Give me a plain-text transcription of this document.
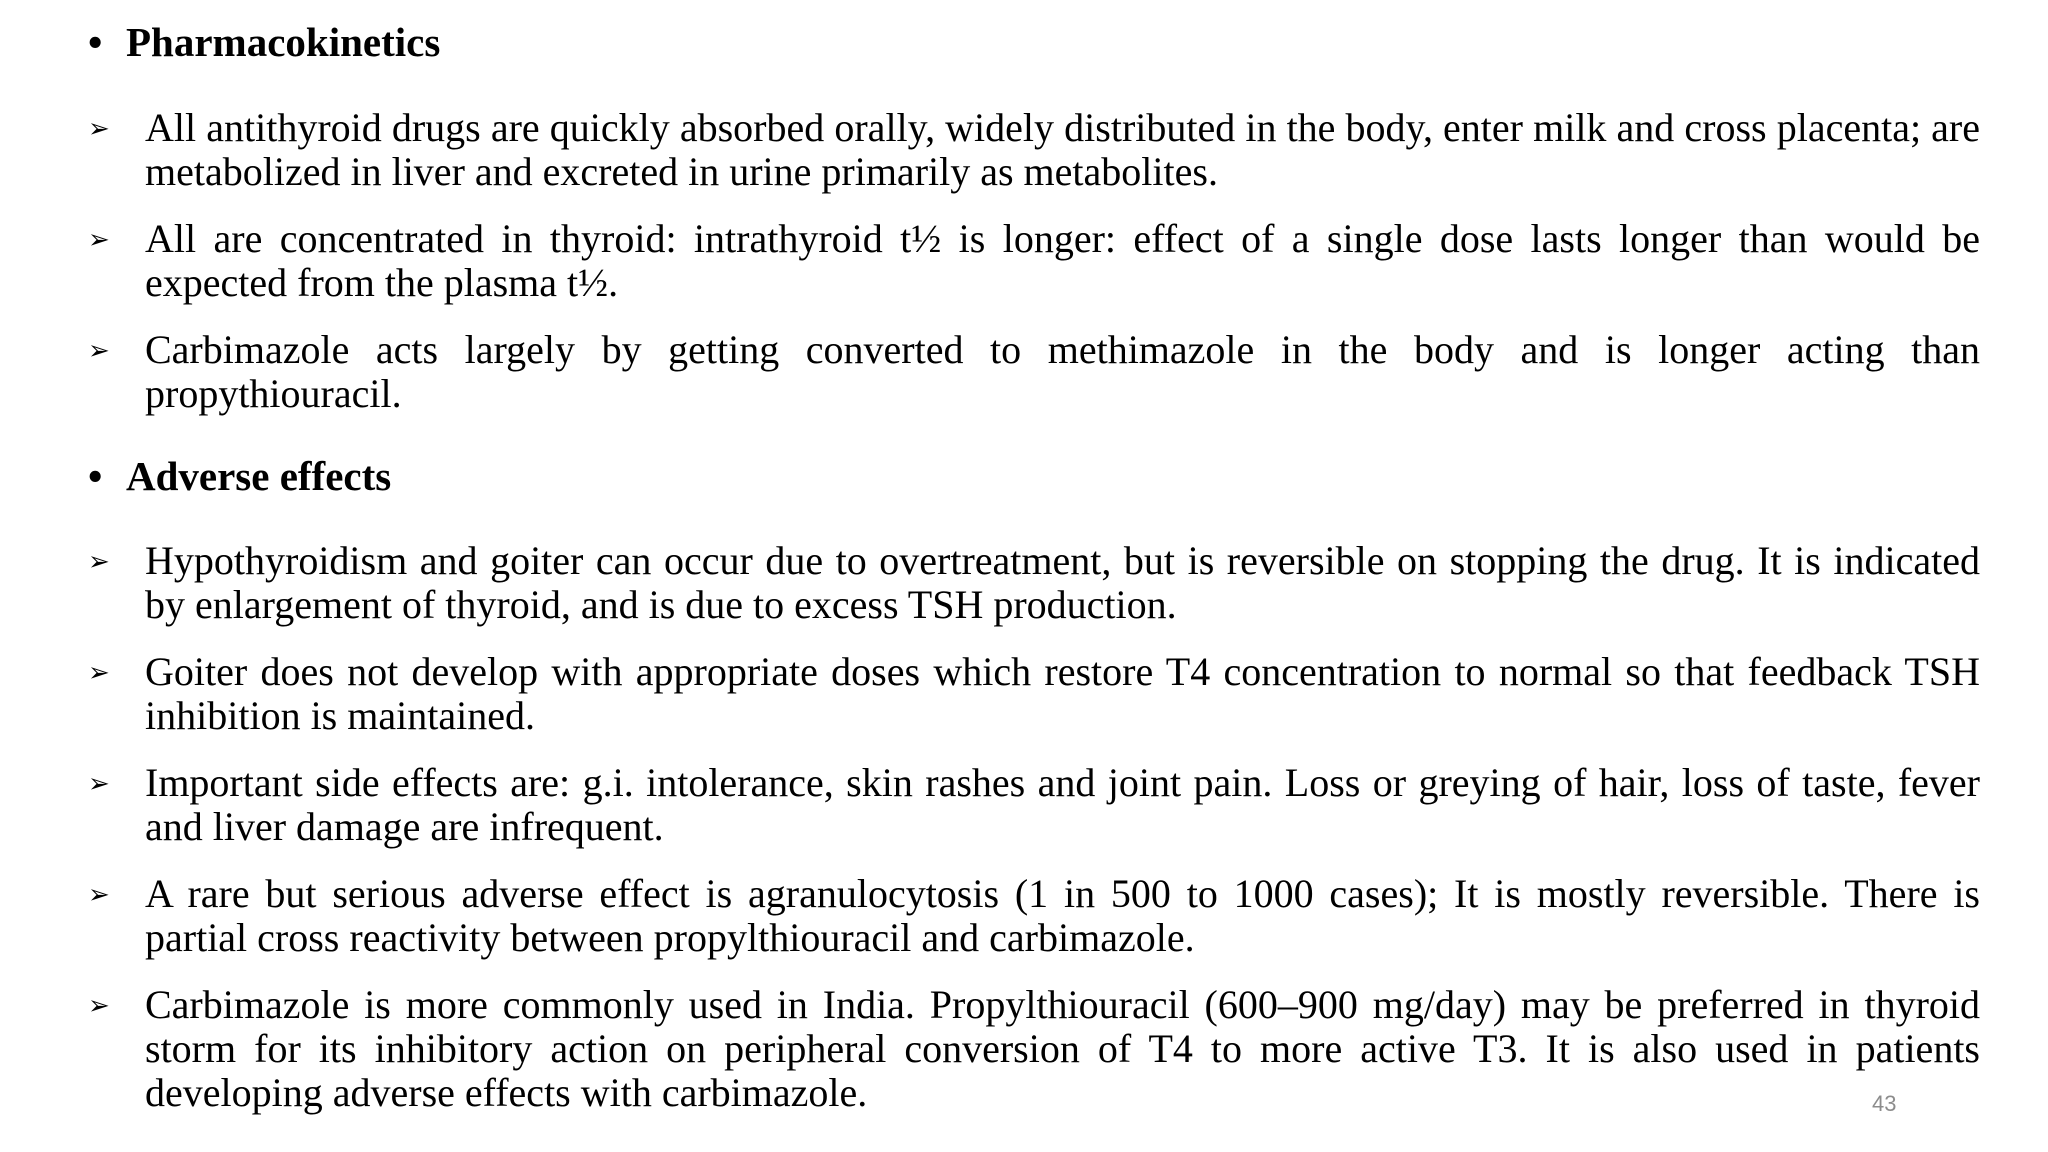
• Pharmacokinetics
➢ All antithyroid drugs are quickly absorbed orally, widely distributed in the body, enter milk and cross placenta; are metabolized in liver and excreted in urine primarily as metabolites.
➢ All are concentrated in thyroid: intrathyroid t½ is longer: effect of a single dose lasts longer than would be expected from the plasma t½.
➢ Carbimazole acts largely by getting converted to methimazole in the body and is longer acting than propythiouracil.
• Adverse effects
➢ Hypothyroidism and goiter can occur due to overtreatment, but is reversible on stopping the drug. It is indicated by enlargement of thyroid, and is due to excess TSH production.
➢ Goiter does not develop with appropriate doses which restore T4 concentration to normal so that feedback TSH inhibition is maintained.
➢ Important side effects are: g.i. intolerance, skin rashes and joint pain. Loss or greying of hair, loss of taste, fever and liver damage are infrequent.
➢ A rare but serious adverse effect is agranulocytosis (1 in 500 to 1000 cases); It is mostly reversible. There is partial cross reactivity between propylthiouracil and carbimazole.
➢ Carbimazole is more commonly used in India. Propylthiouracil (600–900 mg/day) may be preferred in thyroid storm for its inhibitory action on peripheral conversion of T4 to more active T3. It is also used in patients developing adverse effects with carbimazole.	43
